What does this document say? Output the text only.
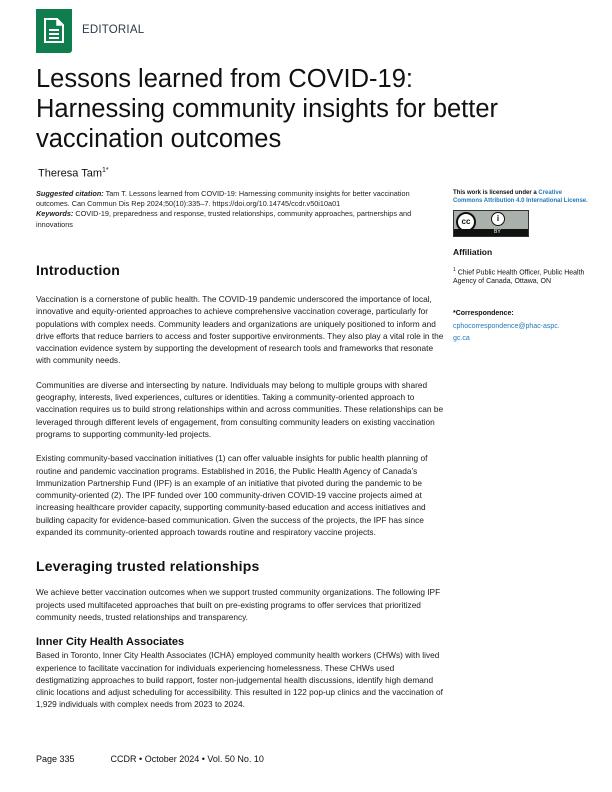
EDITORIAL
Lessons learned from COVID-19: Harnessing community insights for better vaccination outcomes
Theresa Tam$^{1*}$
Suggested citation: Tam T. Lessons learned from COVID-19: Harnessing community insights for better vaccination outcomes. Can Commun Dis Rep 2024;50(10):335–7. https://doi.org/10.14745/ccdr.v50i10a01
Keywords: COVID-19, preparedness and response, trusted relationships, community approaches, partnerships and innovations
This work is licensed under a Creative Commons Attribution 4.0 International License.
cc	i
BY
Affiliation
$^1$ Chief Public Health Officer, Public Health Agency of Canada, Ottawa, ON
*Correspondence:
cphocorrespondence@phac-aspc.gc.ca
Introduction

Vaccination is a cornerstone of public health. The COVID-19 pandemic underscored the importance of local, innovative and equity-oriented approaches to achieve comprehensive vaccination coverage, particularly for populations with complex needs. Community leaders and organizations are uniquely positioned to inform and drive efforts that reduce barriers to access and foster supportive environments. They also play a vital role in the vaccination evidence system by supporting the development of research tools and frameworks that resonate with community needs.

Communities are diverse and intersecting by nature. Individuals may belong to multiple groups with shared geography, interests, lived experiences, cultures or identities. Taking a community-oriented approach to vaccination requires us to build strong relationships within and across communities. These relationships can be leveraged through different levels of engagement, from consulting community leaders on existing vaccination programs to supporting community-led projects.

Existing community-based vaccination initiatives (1) can offer valuable insights for public health planning of routine and pandemic vaccination programs. Established in 2016, the Public Health Agency of Canada’s Immunization Partnership Fund (IPF) is an example of an initiative that pivoted during the pandemic to be community-oriented (2). The IPF funded over 100 community-driven COVID-19 vaccine projects aimed at increasing healthcare provider capacity, supporting community-based education and access initiatives and building capacity for evidence-based communication. Given the success of the projects, the IPF has since expanded its community-oriented approach towards routine and respiratory vaccine projects.

Leveraging trusted relationships

We achieve better vaccination outcomes when we support trusted community organizations. The following IPF projects used multifaceted approaches that built on pre-existing programs to offer services that prioritized community needs, trusted relationships and transparency.

Inner City Health Associates

Based in Toronto, Inner City Health Associates (ICHA) employed community health workers (CHWs) with lived experience to facilitate vaccination for individuals experiencing homelessness. These CHWs used destigmatizing approaches to build rapport, foster non-judgemental health discussions, identify high demand clinic locations and adjust scheduling for accessibility. This resulted in 122 pop-up clinics and the vaccination of 1,929 individuals with complex needs from 2023 to 2024.

Page 335	CCDR • October 2024 • Vol. 50 No. 10
